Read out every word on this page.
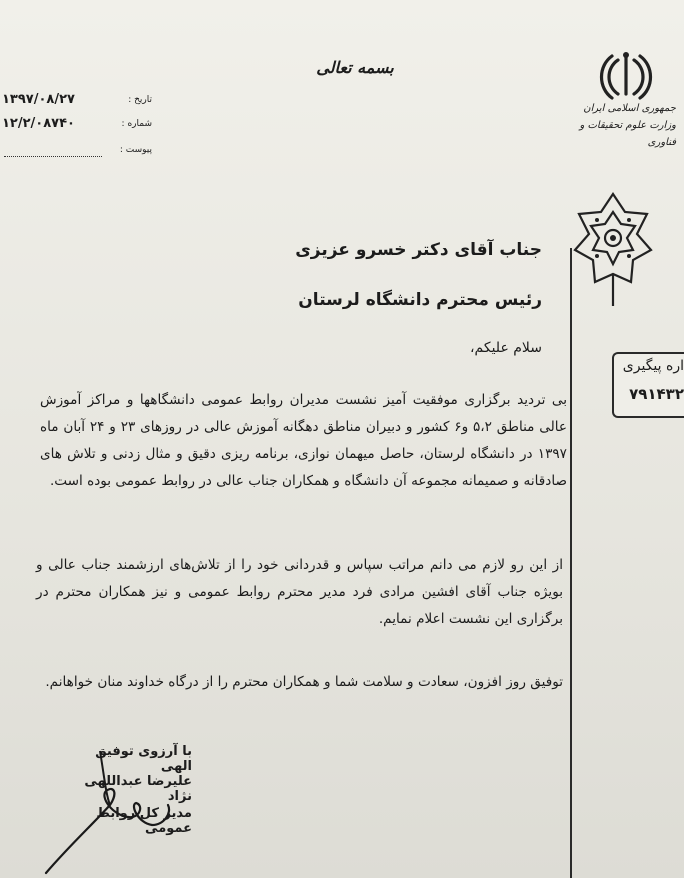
بسمه تعالی
جمهوری اسلامی ایران
وزارت علوم تحقیقات و فناوری
۱۳۹۷/۰۸/۲۷	تاریخ :
۱۲/۲/۰۸۷۴۰	شماره :
پیوست :
اره پیگیری
۷۹۱۴۳۲
جناب آقای دکتر خسرو عزیزی
رئیس محترم دانشگاه لرستان
سلام علیکم،
بی تردید برگزاری موفقیت آمیز نشست مدیران روابط عمومی دانشگاهها و مراکز آموزش عالی مناطق ۵،۲ و۶ کشور و دبیران مناطق دهگانه آموزش عالی در روزهای ۲۳ و ۲۴ آبان ماه ۱۳۹۷ در دانشگاه لرستان، حاصل میهمان نوازی، برنامه ریزی دقیق و مثال زدنی و تلاش های صادقانه و صمیمانه مجموعه آن دانشگاه و همکاران جناب عالی در روابط عمومی بوده است.
از این رو لازم می دانم مراتب سپاس و قدردانی خود را از تلاش‌های ارزشمند جناب عالی و بویژه جناب آقای افشین مرادی فرد مدیر محترم روابط عمومی و نیز همکاران محترم در برگزاری این نشست اعلام نمایم.
توفیق روز افزون، سعادت و سلامت شما و همکاران محترم را از درگاه خداوند منان خواهانم.
با آرزوی توفیق الهی
علیرضا عبداللهی نژاد
مدیر کل روابط عمومی
